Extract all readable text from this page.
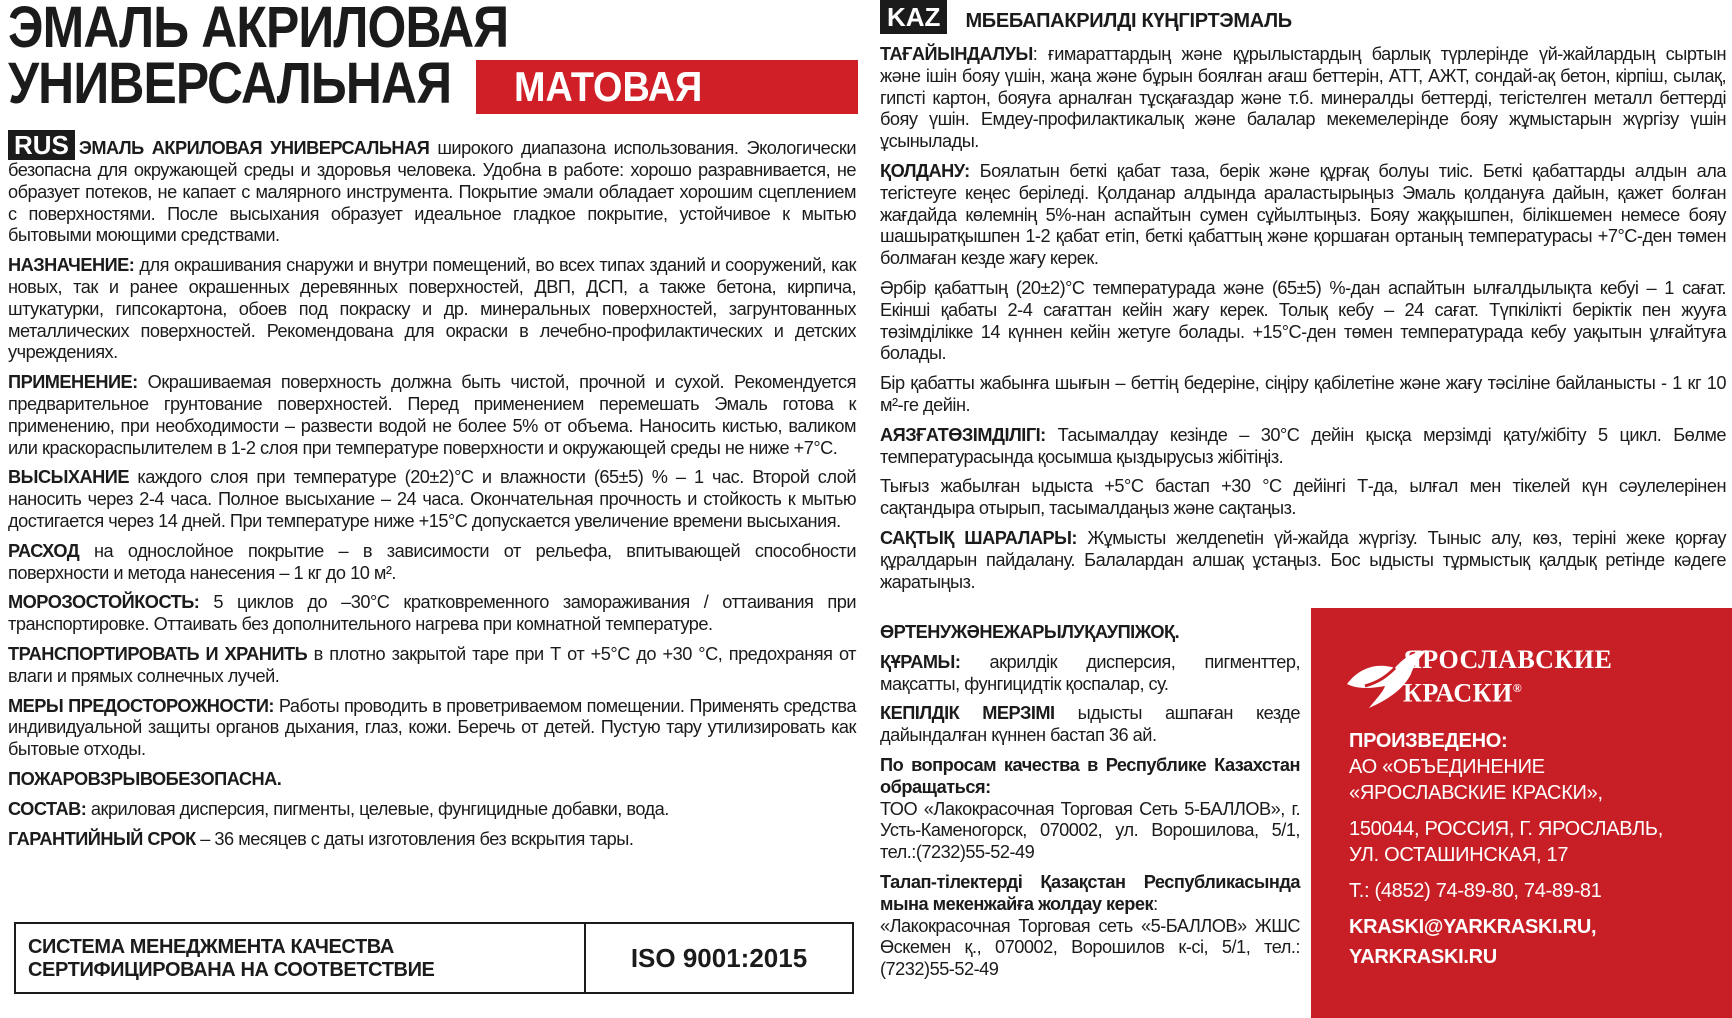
ЭМАЛЬ АКРИЛОВАЯ
УНИВЕРСАЛЬНАЯ	МАТОВАЯ

RUS ЭМАЛЬ АКРИЛОВАЯ УНИВЕРСАЛЬНАЯ широкого диапазона использования. Экологически безопасна для окружающей среды и здоровья человека. Удобна в работе: хорошо разравнивается, не образует потеков, не капает с малярного инструмента. Покрытие эмали обладает хорошим сцеплением с поверхностями. После высыхания образует идеальное гладкое покрытие, устойчивое к мытью бытовыми моющими средствами.

НАЗНАЧЕНИЕ: для окрашивания снаружи и внутри помещений, во всех типах зданий и сооружений, как новых, так и ранее окрашенных деревянных поверхностей, ДВП, ДСП, а также бетона, кирпича, штукатурки, гипсокартона, обоев под покраску и др. минеральных поверхностей, загрунтованных металлических поверхностей. Рекомендована для окраски в лечебно-профилактических и детских учреждениях.

ПРИМЕНЕНИЕ: Окрашиваемая поверхность должна быть чистой, прочной и сухой. Рекомендуется предварительное грунтование поверхностей. Перед применением перемешать Эмаль готова к применению, при необходимости – развести водой не более 5% от объема. Наносить кистью, валиком или краскораспылителем в 1-2 слоя при температуре поверхности и окружающей среды не ниже +7°С.

ВЫСЫХАНИЕ каждого слоя при температуре (20±2)°С и влажности (65±5) % – 1 час. Второй слой наносить через 2-4 часа. Полное высыхание – 24 часа. Окончательная прочность и стойкость к мытью достигается через 14 дней. При температуре ниже +15°С допускается увеличение времени высыхания.

РАСХОД на однослойное покрытие – в зависимости от рельефа, впитывающей способности поверхности и метода нанесения – 1 кг до 10 м².

МОРОЗОСТОЙКОСТЬ: 5 циклов до –30°С кратковременного замораживания / оттаивания при транспортировке. Оттаивать без дополнительного нагрева при комнатной температуре.

ТРАНСПОРТИРОВАТЬ И ХРАНИТЬ в плотно закрытой таре при Т от +5°С до +30 °С, предохраняя от влаги и прямых солнечных лучей.

МЕРЫ ПРЕДОСТОРОЖНОСТИ: Работы проводить в проветриваемом помещении. Применять средства индивидуальной защиты органов дыхания, глаз, кожи. Беречь от детей. Пустую тару утилизировать как бытовые отходы.

ПОЖАРОВЗРЫВОБЕЗОПАСНА.

СОСТАВ: акриловая дисперсия, пигменты, целевые, фунгицидные добавки, вода.

ГАРАНТИЙНЫЙ СРОК – 36 месяцев с даты изготовления без вскрытия тары.

СИСТЕМА МЕНЕДЖМЕНТА КАЧЕСТВА
СЕРТИФИЦИРОВАНА НА СООТВЕТСТВИЕ	ISO 9001:2015
KAZ	МБЕБАПАКРИЛДІ КҮҢГІРТЭМАЛЬ

ТАҒАЙЫНДАЛУЫ: ғимараттардың және құрылыстардың барлық түрлерінде үй-жайлардың сыртын және ішін бояу үшін, жаңа және бұрын боялған ағаш беттерін, АТТ, АЖТ, сондай-ақ бетон, кірпіш, сылақ, гипсті картон, бояуға арналған тұсқағаздар және т.б. минералды беттерді, тегістелген металл беттерді бояу үшін. Емдеу-профилактикалық және балалар мекемелерінде бояу жұмыстарын жүргізу үшін ұсынылады.

ҚОЛДАНУ: Боялатын беткі қабат таза, берік және құрғақ болуы тиіс. Беткі қабаттарды алдын ала тегістеуге кеңес беріледі. Қолданар алдында араластырыңыз Эмаль қолдануға дайын, қажет болған жағдайда көлемнің 5%-нан аспайтын сумен сұйылтыңыз. Бояу жаққышпен, білікшемен немесе бояу шашыратқышпен 1-2 қабат етіп, беткі қабаттың және қоршаған ортаның температурасы +7°С-ден төмен болмаған кезде жағу керек.

Әрбір қабаттың (20±2)°С температурада және (65±5) %-дан аспайтын ылғалдылықта кебуі – 1 сағат. Екінші қабаты 2-4 сағаттан кейін жағу керек. Толық кебу – 24 сағат. Түпкілікті беріктік пен жууға төзімділікке 14 күннен кейін жетуге болады. +15°С-ден төмен температурада кебу уақытын ұлғайтуға болады.

Бір қабатты жабынға шығын – беттің бедеріне, сіңіру қабілетіне және жағу тәсіліне байланысты - 1 кг 10 м²-ге дейін.

АЯЗҒАТӨЗІМДІЛІГІ: Тасымалдау кезінде – 30°С дейін қысқа мерзімді қату/жібіту 5 цикл. Бөлме температурасында қосымша қыздырусыз жібітіңіз.

Тығыз жабылған ыдыста +5°С бастап +30 °С дейінгі Т-да, ылғал мен тікелей күн сәулелерінен сақтандыра отырып, тасымалдаңыз және сақтаңыз.

САҚТЫҚ ШАРАЛАРЫ: Жұмысты желдenetін үй-жайда жүргізу. Тыныс алу, көз, теріні жеке қорғау құралдарын пайдалану. Балалардан алшақ ұстаңыз. Бос ыдысты тұрмыстық қалдық ретінде кәдеге жаратыңыз.

ӨРТЕНУЖӘНЕЖАРЫЛУҚАУПІЖОҚ.

ҚҰРАМЫ: акрилдік дисперсия, пигменттер, мақсатты, фунгицидтік қоспалар, су.

КЕПІЛДІК МЕРЗІМІ ыдысты ашпаған кезде дайындалған күннен бастап 36 ай.

По вопросам качества в Республике Казахстан обращаться:
ТОО «Лакокрасочная Торговая Сеть 5-БАЛЛОВ», г. Усть-Каменогорск, 070002, ул. Ворошилова, 5/1, тел.:(7232)55-52-49

Талап-тілектерді Қазақстан Республикасында мына мекенжайға жолдау керек:
«Лакокрасочная Торговая сеть «5-БАЛЛОВ» ЖШС Өскемен қ., 070002, Ворошилов к-сі, 5/1, тел.:(7232)55-52-49

ЯРОСЛАВСКИЕ
КРАСКИ®
ПРОИЗВЕДЕНО:
АО «ОБЪЕДИНЕНИЕ
«ЯРОСЛАВСКИЕ КРАСКИ»,
150044, РОССИЯ, Г. ЯРОСЛАВЛЬ,
УЛ. ОСТАШИНСКАЯ, 17
Т.: (4852) 74-89-80, 74-89-81
KRASKI@YARKRASKI.RU,
YARKRASKI.RU
